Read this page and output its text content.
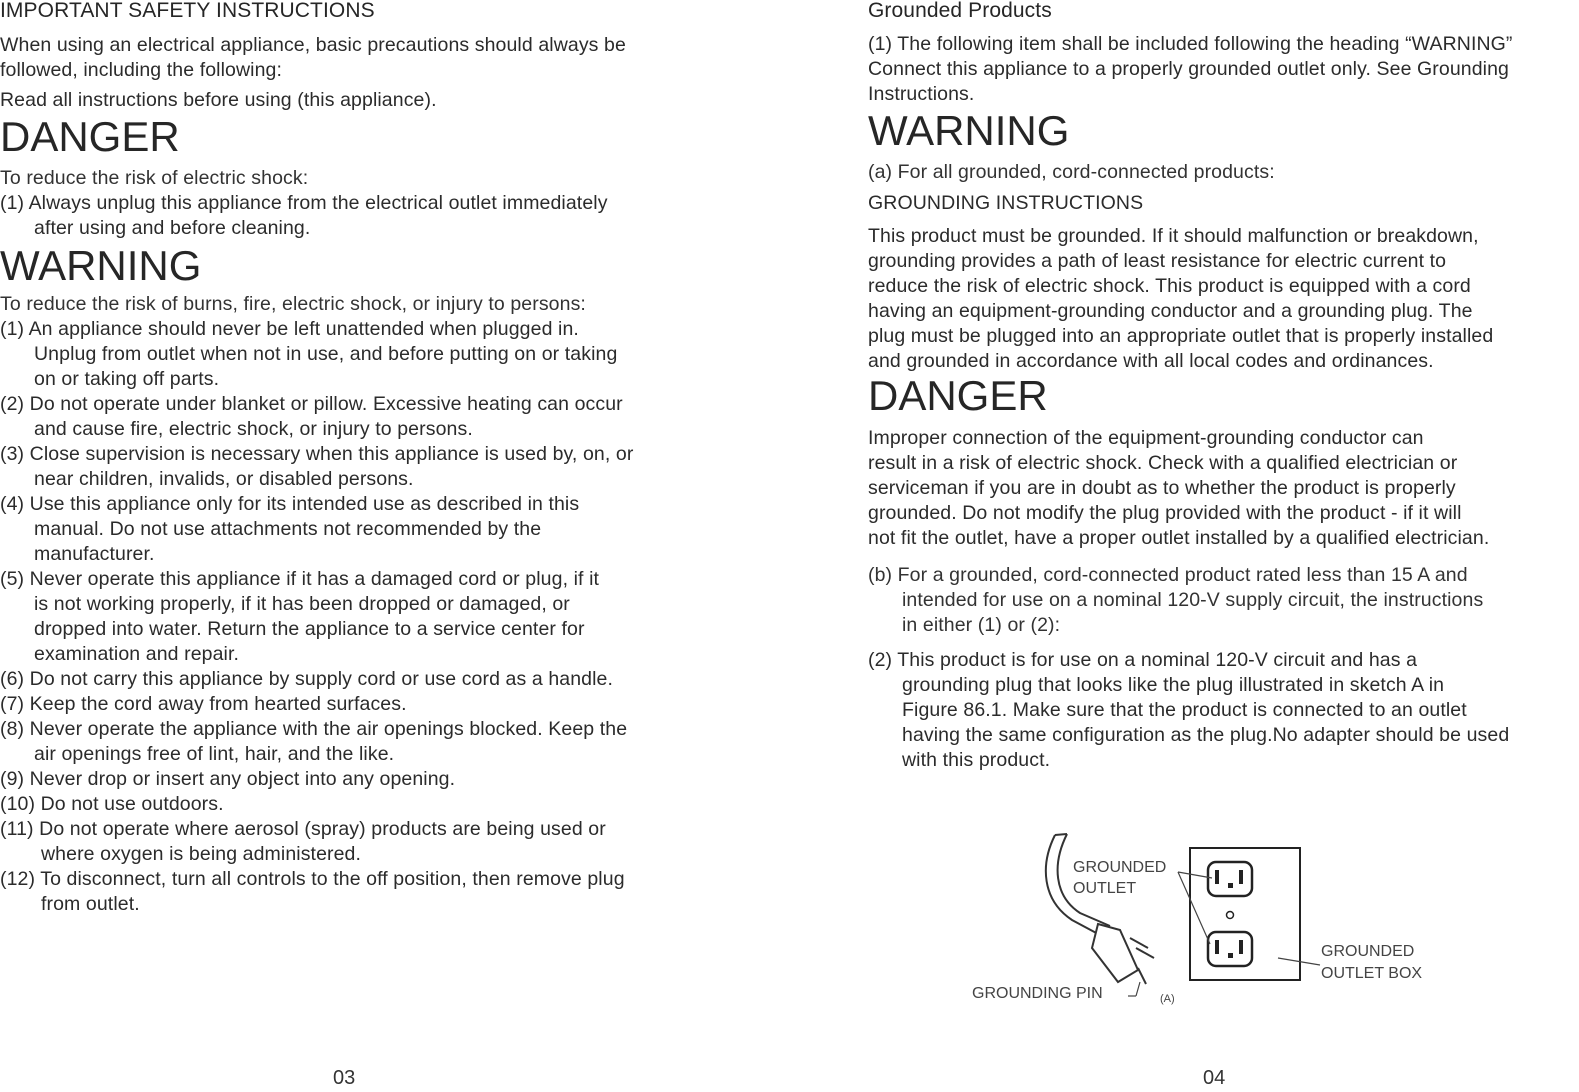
IMPORTANT SAFETY INSTRUCTIONS
When using an electrical appliance, basic precautions should always be
followed, including the following:
Read all instructions before using (this appliance).
DANGER
To reduce the risk of electric shock:
(1) Always unplug this appliance from the electrical outlet immediately
after using and before cleaning.
WARNING
To reduce the risk of burns, fire, electric shock, or injury to persons:
(1) An appliance should never be left unattended when plugged in.
Unplug from outlet when not in use, and before putting on or taking
on or taking off parts.
(2) Do not operate under blanket or pillow. Excessive heating can occur
and cause fire, electric shock, or injury to persons.
(3) Close supervision is necessary when this appliance is used by, on, or
near children, invalids, or disabled persons.
(4) Use this appliance only for its intended use as described in this
manual. Do not use attachments not recommended by the
manufacturer.
(5) Never operate this appliance if it has a damaged cord or plug, if it
is not working properly, if it has been dropped or damaged, or
dropped into water. Return the appliance to a service center for
examination and repair.
(6) Do not carry this appliance by supply cord or use cord as a handle.
(7) Keep the cord away from hearted surfaces.
(8) Never operate the appliance with the air openings blocked. Keep the
air openings free of lint, hair, and the like.
(9) Never drop or insert any object into any opening.
(10) Do not use outdoors.
(11) Do not operate where aerosol (spray) products are being used or
where oxygen is being administered.
(12) To disconnect, turn all controls to the off position, then remove plug
from outlet.
03
Grounded Products
(1) The following item shall be included following the heading “WARNING”
Connect this appliance to a properly grounded outlet only. See Grounding
Instructions.
WARNING
(a) For all grounded, cord-connected products:
GROUNDING INSTRUCTIONS
This product must be grounded. If it should malfunction or breakdown,
grounding provides a path of least resistance for electric current to
reduce the risk of electric shock. This product is equipped with a cord
having an equipment-grounding conductor and a grounding plug. The
plug must be plugged into an appropriate outlet that is properly installed
and grounded in accordance with all local codes and ordinances.
DANGER
Improper connection of the equipment-grounding conductor can
result in a risk of electric shock. Check with a qualified electrician or
serviceman if you are in doubt as to whether the product is properly
grounded. Do not modify the plug provided with the product - if it will
not fit the outlet, have a proper outlet installed by a qualified electrician.
(b) For a grounded, cord-connected product rated less than 15 A and
intended for use on a nominal 120-V supply circuit, the instructions
in either (1) or (2):
(2) This product is for use on a nominal 120-V circuit and has a
grounding plug that looks like the plug illustrated in sketch A in
Figure 86.1. Make sure that the product is connected to an outlet
having the same configuration as the plug.No adapter should be used
with this product.
GROUNDED
OUTLET
GROUNDED
OUTLET BOX
GROUNDING PIN	(A)
04
